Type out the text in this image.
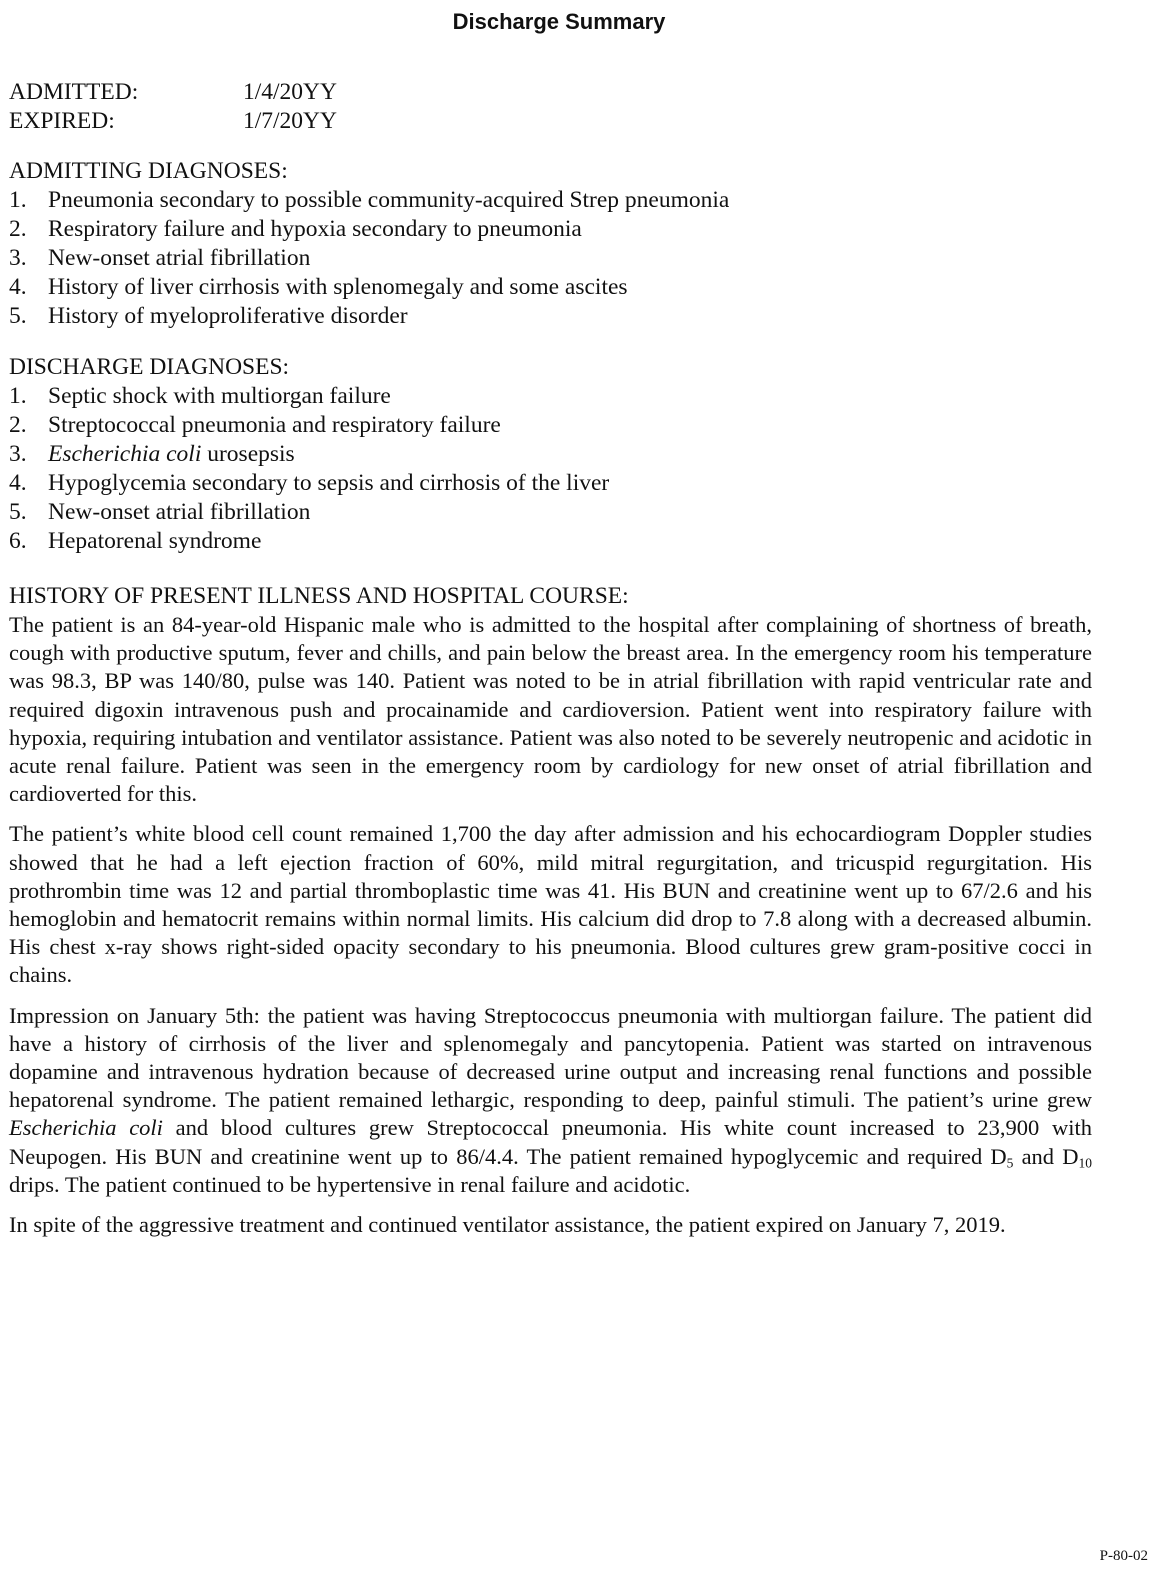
Discharge Summary
ADMITTED:	1/4/20YY
EXPIRED:	1/7/20YY
ADMITTING DIAGNOSES:
1. Pneumonia secondary to possible community-acquired Strep pneumonia
2. Respiratory failure and hypoxia secondary to pneumonia
3. New-onset atrial fibrillation
4. History of liver cirrhosis with splenomegaly and some ascites
5. History of myeloproliferative disorder
DISCHARGE DIAGNOSES:
1. Septic shock with multiorgan failure
2. Streptococcal pneumonia and respiratory failure
3. Escherichia coli urosepsis
4. Hypoglycemia secondary to sepsis and cirrhosis of the liver
5. New-onset atrial fibrillation
6. Hepatorenal syndrome
HISTORY OF PRESENT ILLNESS AND HOSPITAL COURSE:

The patient is an 84-year-old Hispanic male who is admitted to the hospital after complaining of shortness of breath, cough with productive sputum, fever and chills, and pain below the breast area. In the emergency room his temperature was 98.3, BP was 140/80, pulse was 140. Patient was noted to be in atrial fibrillation with rapid ventricular rate and required digoxin intravenous push and procainamide and cardioversion. Patient went into respiratory failure with hypoxia, requiring intubation and ventilator assistance. Patient was also noted to be severely neutropenic and acidotic in acute renal failure. Patient was seen in the emergency room by cardiology for new onset of atrial fibrillation and cardioverted for this.

The patient’s white blood cell count remained 1,700 the day after admission and his echocardiogram Doppler studies showed that he had a left ejection fraction of 60%, mild mitral regurgitation, and tricuspid regurgitation. His prothrombin time was 12 and partial thromboplastic time was 41. His BUN and creatinine went up to 67/2.6 and his hemoglobin and hematocrit remains within normal limits. His calcium did drop to 7.8 along with a decreased albumin. His chest x-ray shows right-sided opacity secondary to his pneumonia. Blood cultures grew gram-positive cocci in chains.

Impression on January 5th: the patient was having Streptococcus pneumonia with multiorgan failure. The patient did have a history of cirrhosis of the liver and splenomegaly and pancytopenia. Patient was started on intravenous dopamine and intravenous hydration because of decreased urine output and increasing renal functions and possible hepatorenal syndrome. The patient remained lethargic, responding to deep, painful stimuli. The patient’s urine grew Escherichia coli and blood cultures grew Streptococcal pneumonia. His white count increased to 23,900 with Neupogen. His BUN and creatinine went up to 86/4.4. The patient remained hypoglycemic and required $D_5$ and $D_{10}$ drips. The patient continued to be hypertensive in renal failure and acidotic.

In spite of the aggressive treatment and continued ventilator assistance, the patient expired on January 7, 2019.

P-80-02
